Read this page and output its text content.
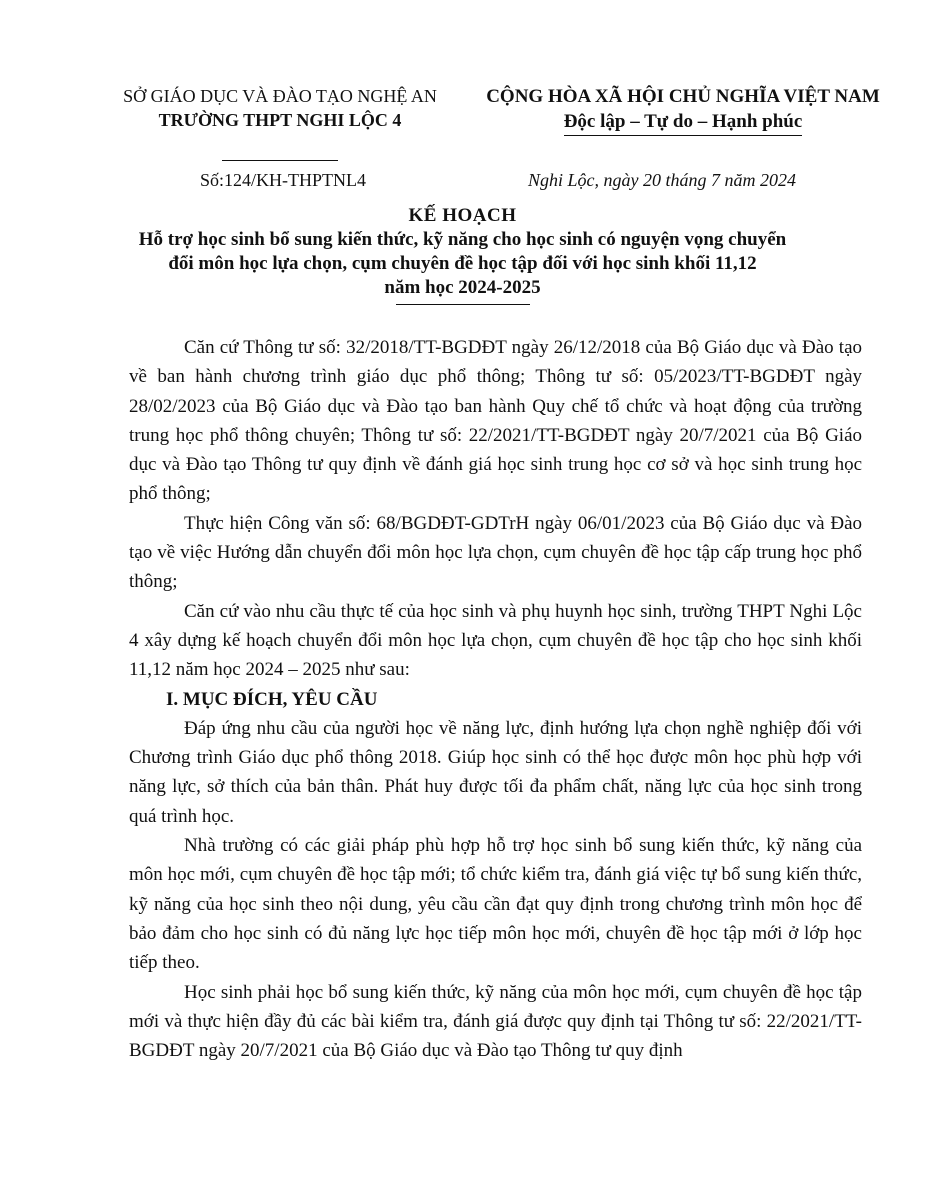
SỞ GIÁO DỤC VÀ ĐÀO TẠO NGHỆ AN
TRƯỜNG THPT NGHI LỘC 4
CỘNG HÒA XÃ HỘI CHỦ NGHĨA VIỆT NAM
Độc lập – Tự do – Hạnh phúc
Số:124/KH-THPTNL4	Nghi Lộc, ngày 20 tháng 7 năm 2024
KẾ HOẠCH
Hỗ trợ học sinh bổ sung kiến thức, kỹ năng cho học sinh có nguyện vọng chuyển
đổi môn học lựa chọn, cụm chuyên đề học tập đối với học sinh khối 11,12
năm học 2024-2025

Căn cứ Thông tư số: 32/2018/TT-BGDĐT ngày 26/12/2018 của Bộ Giáo dục và Đào tạo về ban hành chương trình giáo dục phổ thông; Thông tư số: 05/2023/TT-BGDĐT ngày 28/02/2023 của Bộ Giáo dục và Đào tạo ban hành Quy chế tổ chức và hoạt động của trường trung học phổ thông chuyên; Thông tư số: 22/2021/TT-BGDĐT ngày 20/7/2021 của Bộ Giáo dục và Đào tạo Thông tư quy định về đánh giá học sinh trung học cơ sở và học sinh trung học phổ thông;

Thực hiện Công văn số: 68/BGDĐT-GDTrH ngày 06/01/2023 của Bộ Giáo dục và Đào tạo về việc Hướng dẫn chuyển đổi môn học lựa chọn, cụm chuyên đề học tập cấp trung học phổ thông;

Căn cứ vào nhu cầu thực tế của học sinh và phụ huynh học sinh, trường THPT Nghi Lộc 4 xây dựng kế hoạch chuyển đổi môn học lựa chọn, cụm chuyên đề học tập cho học sinh khối 11,12 năm học 2024 – 2025 như sau:

I. MỤC ĐÍCH, YÊU CẦU

Đáp ứng nhu cầu của người học về năng lực, định hướng lựa chọn nghề nghiệp đối với Chương trình Giáo dục phổ thông 2018. Giúp học sinh có thể học được môn học phù hợp với năng lực, sở thích của bản thân. Phát huy được tối đa phẩm chất, năng lực của học sinh trong quá trình học.

Nhà trường có các giải pháp phù hợp hỗ trợ học sinh bổ sung kiến thức, kỹ năng của môn học mới, cụm chuyên đề học tập mới; tổ chức kiểm tra, đánh giá việc tự bổ sung kiến thức, kỹ năng của học sinh theo nội dung, yêu cầu cần đạt quy định trong chương trình môn học để bảo đảm cho học sinh có đủ năng lực học tiếp môn học mới, chuyên đề học tập mới ở lớp học tiếp theo.

Học sinh phải học bổ sung kiến thức, kỹ năng của môn học mới, cụm chuyên đề học tập mới và thực hiện đầy đủ các bài kiểm tra, đánh giá được quy định tại Thông tư số: 22/2021/TT-BGDĐT ngày 20/7/2021 của Bộ Giáo dục và Đào tạo Thông tư quy định
